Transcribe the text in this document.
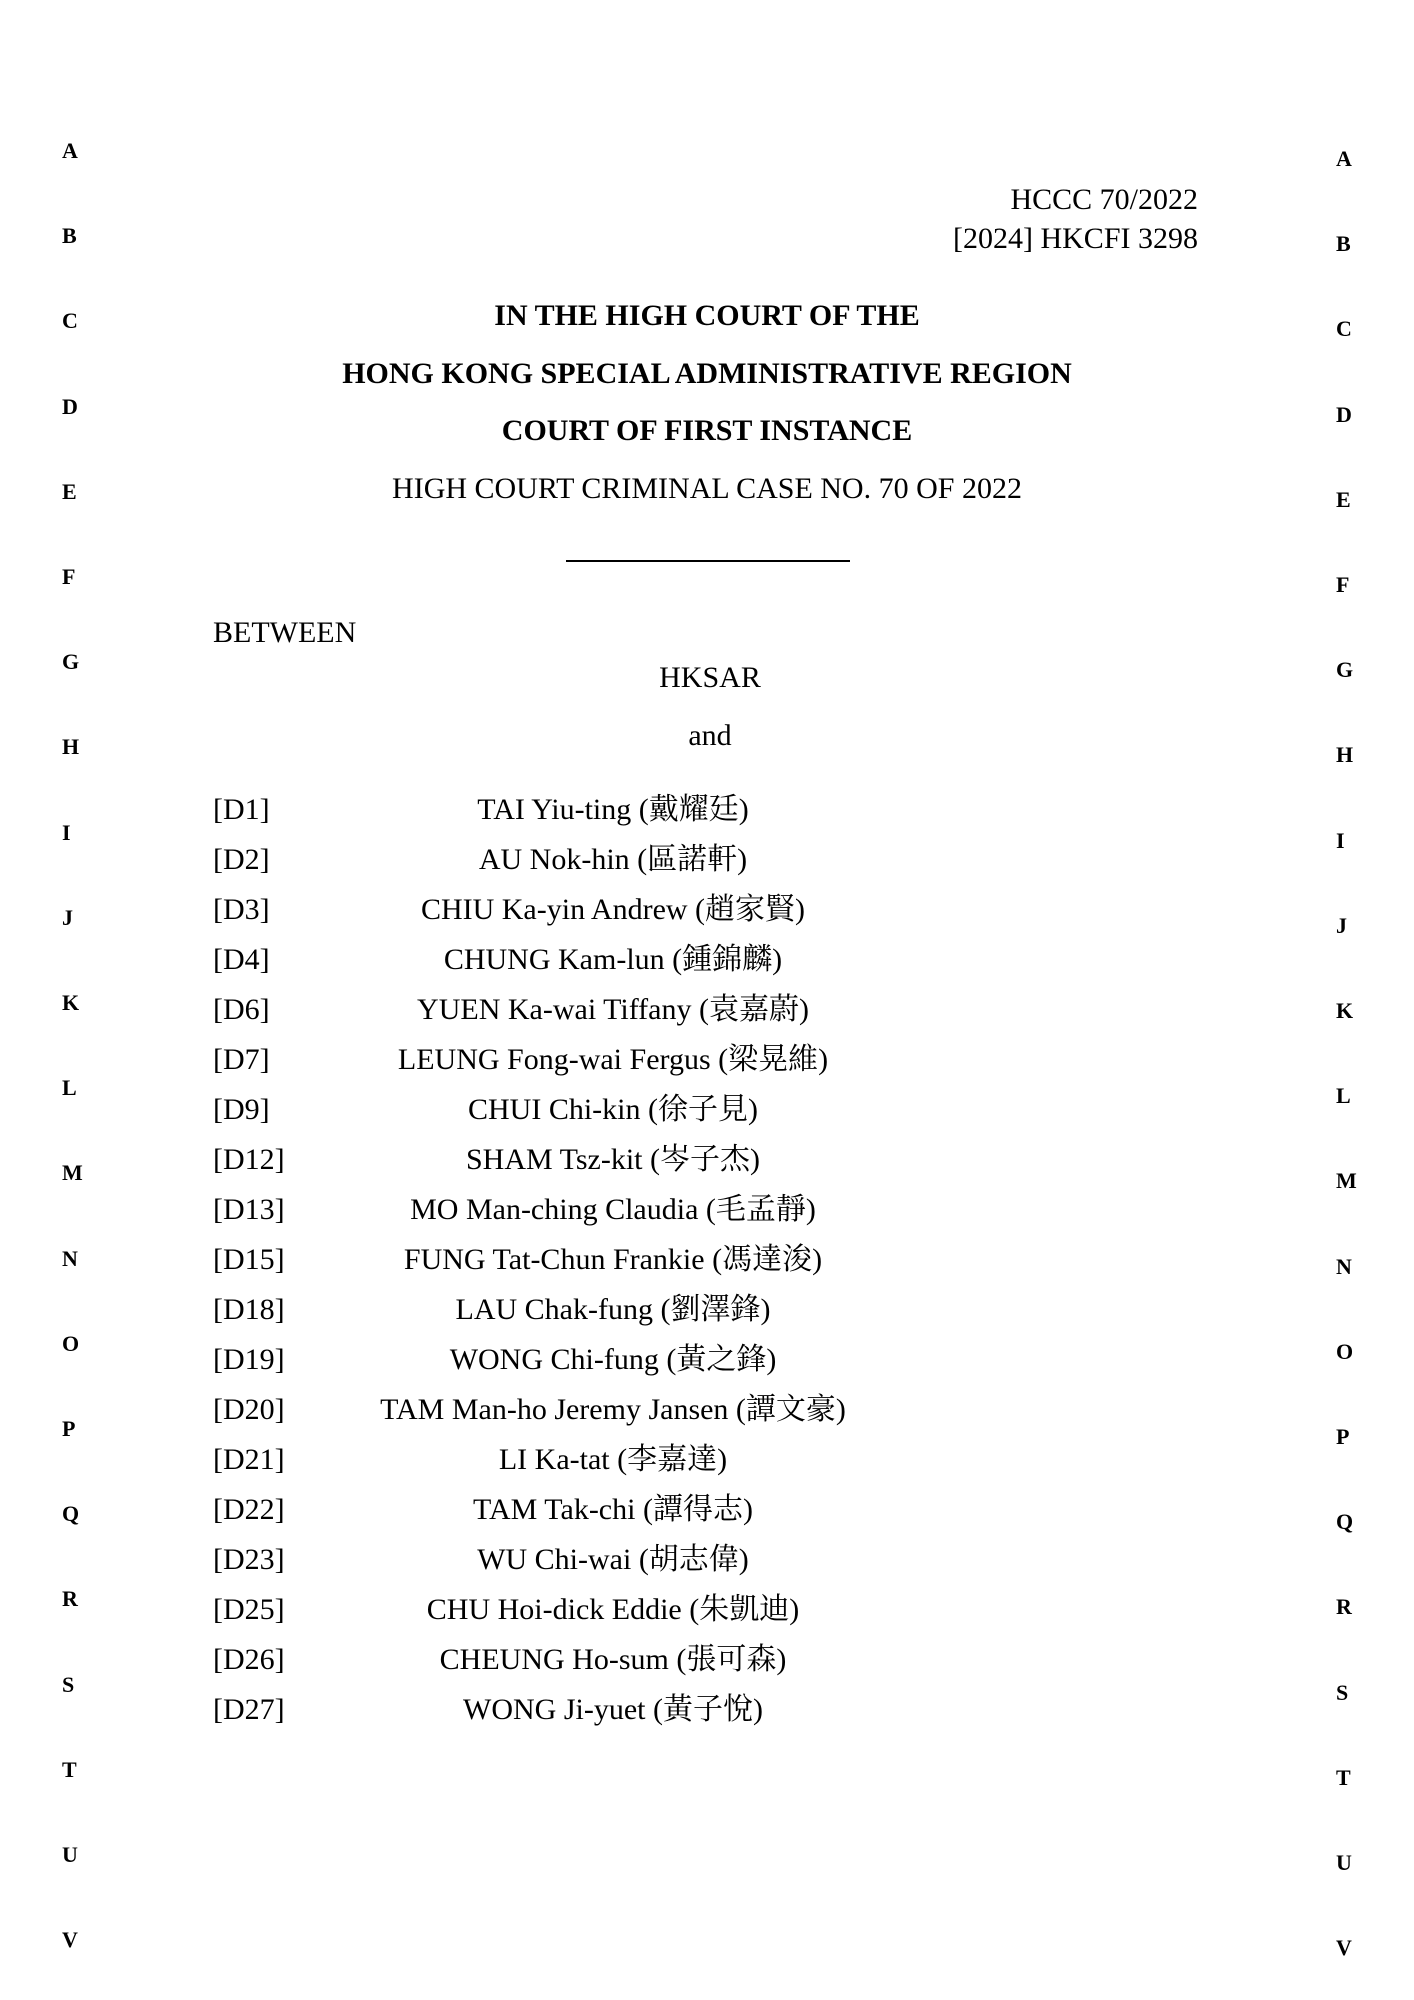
A
B
C
D
E
F
G
H
I
J
K
L
M
N
O
P
Q
R
S
T
U
V
A
B
C
D
E
F
G
H
I
J
K
L
M
N
O
P
Q
R
S
T
U
V
HCCC 70/2022
[2024] HKCFI 3298
IN THE HIGH COURT OF THE
HONG KONG SPECIAL ADMINISTRATIVE REGION
COURT OF FIRST INSTANCE
HIGH COURT CRIMINAL CASE NO. 70 OF 2022
BETWEEN
HKSAR
and
[D1]	TAI Yiu-ting (戴耀廷)
[D2]	AU Nok-hin (區諾軒)
[D3]	CHIU Ka-yin Andrew (趙家賢)
[D4]	CHUNG Kam-lun (鍾錦麟)
[D6]	YUEN Ka-wai Tiffany (袁嘉蔚)
[D7]	LEUNG Fong-wai Fergus (梁晃維)
[D9]	CHUI Chi-kin (徐子見)
[D12]	SHAM Tsz-kit (岑子杰)
[D13]	MO Man-ching Claudia (毛孟靜)
[D15]	FUNG Tat-Chun Frankie (馮達浚)
[D18]	LAU Chak-fung (劉澤鋒)
[D19]	WONG Chi-fung (黃之鋒)
[D20]	TAM Man-ho Jeremy Jansen (譚文豪)
[D21]	LI Ka-tat (李嘉達)
[D22]	TAM Tak-chi (譚得志)
[D23]	WU Chi-wai (胡志偉)
[D25]	CHU Hoi-dick Eddie (朱凱迪)
[D26]	CHEUNG Ho-sum (張可森)
[D27]	WONG Ji-yuet (黃子悅)
